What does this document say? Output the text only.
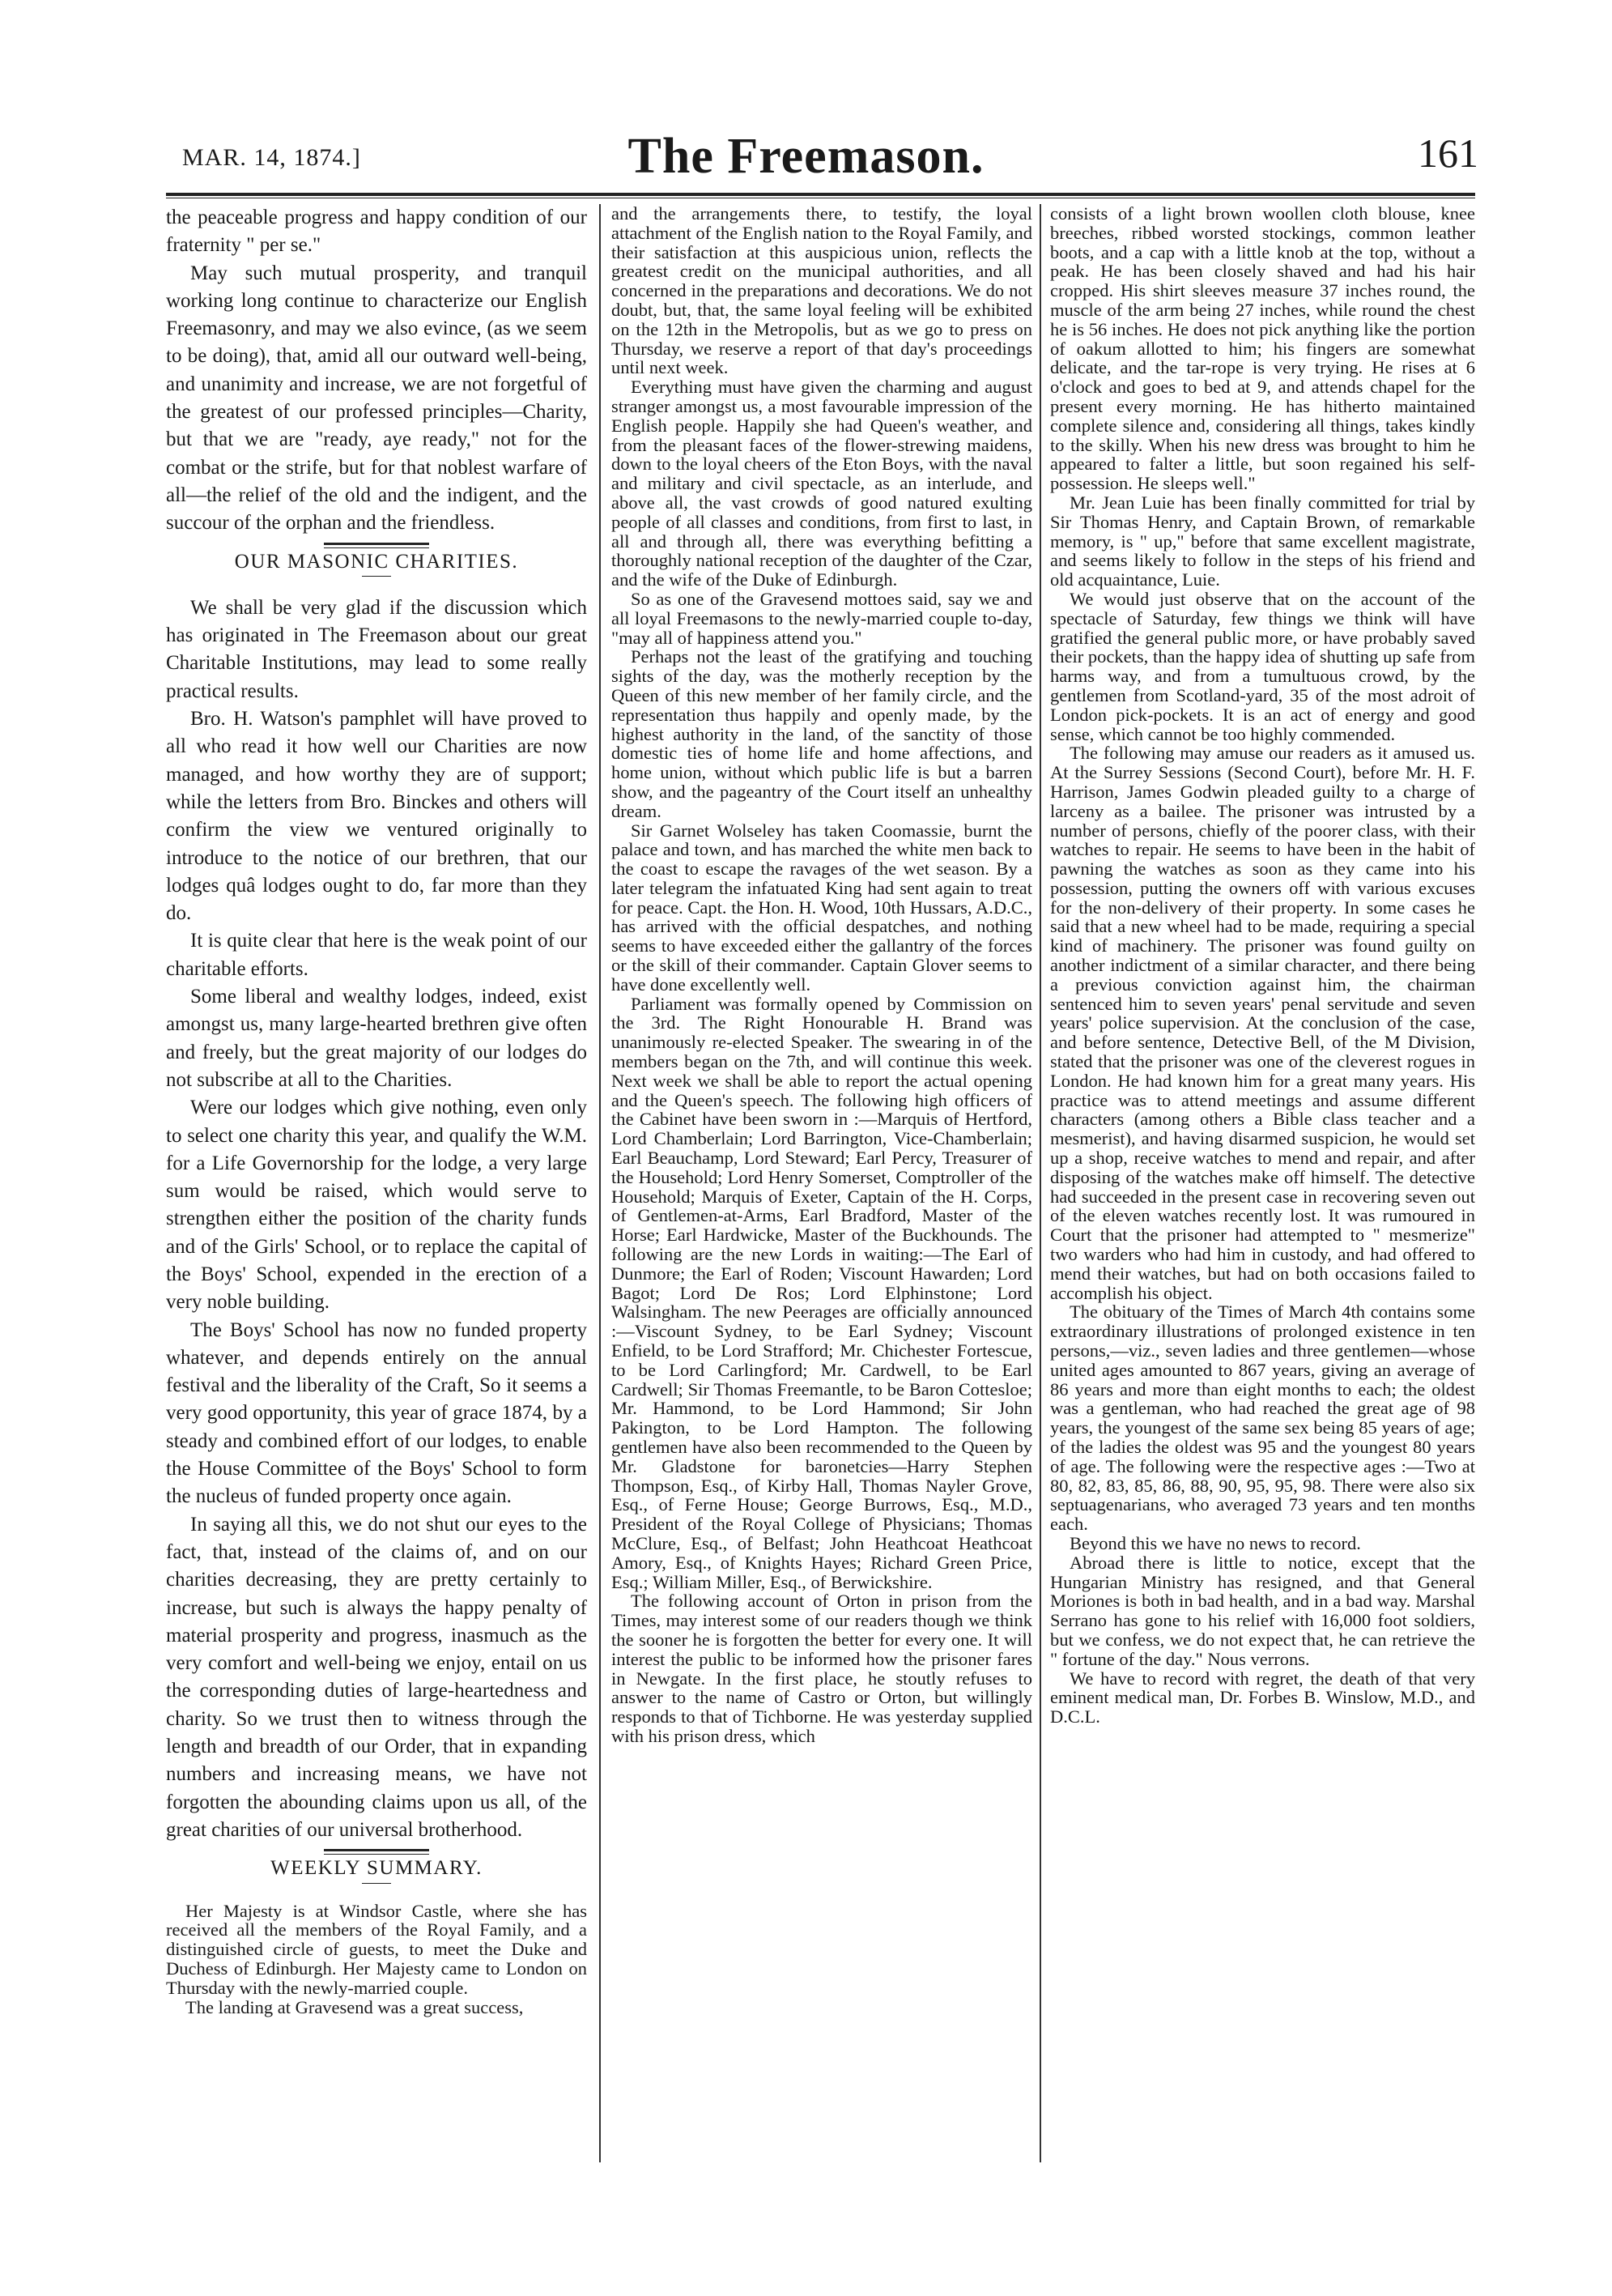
MAR. 14, 1874.]	The Freemason.	161

the peaceable progress and happy condition of our fraternity " per se."

May such mutual prosperity, and tranquil working long continue to characterize our English Freemasonry, and may we also evince, (as we seem to be doing), that, amid all our outward well-being, and unanimity and increase, we are not forgetful of the greatest of our professed principles—Charity, but that we are "ready, aye ready," not for the combat or the strife, but for that noblest warfare of all—the relief of the old and the indigent, and the succour of the orphan and the friendless.

OUR MASONIC CHARITIES.

We shall be very glad if the discussion which has originated in The Freemason about our great Charitable Institutions, may lead to some really practical results.

Bro. H. Watson's pamphlet will have proved to all who read it how well our Charities are now managed, and how worthy they are of support; while the letters from Bro. Binckes and others will confirm the view we ventured originally to introduce to the notice of our brethren, that our lodges quâ lodges ought to do, far more than they do.

It is quite clear that here is the weak point of our charitable efforts.

Some liberal and wealthy lodges, indeed, exist amongst us, many large-hearted brethren give often and freely, but the great majority of our lodges do not subscribe at all to the Charities.

Were our lodges which give nothing, even only to select one charity this year, and qualify the W.M. for a Life Governorship for the lodge, a very large sum would be raised, which would serve to strengthen either the position of the charity funds and of the Girls' School, or to replace the capital of the Boys' School, expended in the erection of a very noble building.

The Boys' School has now no funded property whatever, and depends entirely on the annual festival and the liberality of the Craft, So it seems a very good opportunity, this year of grace 1874, by a steady and combined effort of our lodges, to enable the House Committee of the Boys' School to form the nucleus of funded property once again.

In saying all this, we do not shut our eyes to the fact, that, instead of the claims of, and on our charities decreasing, they are pretty certainly to increase, but such is always the happy penalty of material prosperity and progress, inasmuch as the very comfort and well-being we enjoy, entail on us the corresponding duties of large-heartedness and charity. So we trust then to witness through the length and breadth of our Order, that in expanding numbers and increasing means, we have not forgotten the abounding claims upon us all, of the great charities of our universal brotherhood.

WEEKLY SUMMARY.

Her Majesty is at Windsor Castle, where she has received all the members of the Royal Family, and a distinguished circle of guests, to meet the Duke and Duchess of Edinburgh. Her Majesty came to London on Thursday with the newly-married couple.

The landing at Gravesend was a great success,

and the arrangements there, to testify, the loyal attachment of the English nation to the Royal Family, and their satisfaction at this auspicious union, reflects the greatest credit on the municipal authorities, and all concerned in the preparations and decorations. We do not doubt, but, that, the same loyal feeling will be exhibited on the 12th in the Metropolis, but as we go to press on Thursday, we reserve a report of that day's proceedings until next week.

Everything must have given the charming and august stranger amongst us, a most favourable impression of the English people. Happily she had Queen's weather, and from the pleasant faces of the flower-strewing maidens, down to the loyal cheers of the Eton Boys, with the naval and military and civil spectacle, as an interlude, and above all, the vast crowds of good natured exulting people of all classes and conditions, from first to last, in all and through all, there was everything befitting a thoroughly national reception of the daughter of the Czar, and the wife of the Duke of Edinburgh.

So as one of the Gravesend mottoes said, say we and all loyal Freemasons to the newly-married couple to-day, "may all of happiness attend you."

Perhaps not the least of the gratifying and touching sights of the day, was the motherly reception by the Queen of this new member of her family circle, and the representation thus happily and openly made, by the highest authority in the land, of the sanctity of those domestic ties of home life and home affections, and home union, without which public life is but a barren show, and the pageantry of the Court itself an unhealthy dream.

Sir Garnet Wolseley has taken Coomassie, burnt the palace and town, and has marched the white men back to the coast to escape the ravages of the wet season. By a later telegram the infatuated King had sent again to treat for peace. Capt. the Hon. H. Wood, 10th Hussars, A.D.C., has arrived with the official despatches, and nothing seems to have exceeded either the gallantry of the forces or the skill of their commander. Captain Glover seems to have done excellently well.

Parliament was formally opened by Commission on the 3rd. The Right Honourable H. Brand was unanimously re-elected Speaker. The swearing in of the members began on the 7th, and will continue this week. Next week we shall be able to report the actual opening and the Queen's speech. The following high officers of the Cabinet have been sworn in :—Marquis of Hertford, Lord Chamberlain; Lord Barrington, Vice-Chamberlain; Earl Beauchamp, Lord Steward; Earl Percy, Treasurer of the Household; Lord Henry Somerset, Comptroller of the Household; Marquis of Exeter, Captain of the H. Corps, of Gentlemen-at-Arms, Earl Bradford, Master of the Horse; Earl Hardwicke, Master of the Buckhounds. The following are the new Lords in waiting:—The Earl of Dunmore; the Earl of Roden; Viscount Hawarden; Lord Bagot; Lord De Ros; Lord Elphinstone; Lord Walsingham. The new Peerages are officially announced :—Viscount Sydney, to be Earl Sydney; Viscount Enfield, to be Lord Strafford; Mr. Chichester Fortescue, to be Lord Carlingford; Mr. Cardwell, to be Earl Cardwell; Sir Thomas Freemantle, to be Baron Cottesloe; Mr. Hammond, to be Lord Hammond; Sir John Pakington, to be Lord Hampton. The following gentlemen have also been recommended to the Queen by Mr. Gladstone for baronetcies—Harry Stephen Thompson, Esq., of Kirby Hall, Thomas Nayler Grove, Esq., of Ferne House; George Burrows, Esq., M.D., President of the Royal College of Physicians; Thomas McClure, Esq., of Belfast; John Heathcoat Heathcoat Amory, Esq., of Knights Hayes; Richard Green Price, Esq.; William Miller, Esq., of Berwickshire.

The following account of Orton in prison from the Times, may interest some of our readers though we think the sooner he is forgotten the better for every one. It will interest the public to be informed how the prisoner fares in Newgate. In the first place, he stoutly refuses to answer to the name of Castro or Orton, but willingly responds to that of Tichborne. He was yesterday supplied with his prison dress, which

consists of a light brown woollen cloth blouse, knee breeches, ribbed worsted stockings, common leather boots, and a cap with a little knob at the top, without a peak. He has been closely shaved and had his hair cropped. His shirt sleeves measure 37 inches round, the muscle of the arm being 27 inches, while round the chest he is 56 inches. He does not pick anything like the portion of oakum allotted to him; his fingers are somewhat delicate, and the tar-rope is very trying. He rises at 6 o'clock and goes to bed at 9, and attends chapel for the present every morning. He has hitherto maintained complete silence and, considering all things, takes kindly to the skilly. When his new dress was brought to him he appeared to falter a little, but soon regained his self-possession. He sleeps well."

Mr. Jean Luie has been finally committed for trial by Sir Thomas Henry, and Captain Brown, of remarkable memory, is " up," before that same excellent magistrate, and seems likely to follow in the steps of his friend and old acquaintance, Luie.

We would just observe that on the account of the spectacle of Saturday, few things we think will have gratified the general public more, or have probably saved their pockets, than the happy idea of shutting up safe from harms way, and from a tumultuous crowd, by the gentlemen from Scotland-yard, 35 of the most adroit of London pick-pockets. It is an act of energy and good sense, which cannot be too highly commended.

The following may amuse our readers as it amused us. At the Surrey Sessions (Second Court), before Mr. H. F. Harrison, James Godwin pleaded guilty to a charge of larceny as a bailee. The prisoner was intrusted by a number of persons, chiefly of the poorer class, with their watches to repair. He seems to have been in the habit of pawning the watches as soon as they came into his possession, putting the owners off with various excuses for the non-delivery of their property. In some cases he said that a new wheel had to be made, requiring a special kind of machinery. The prisoner was found guilty on another indictment of a similar character, and there being a previous conviction against him, the chairman sentenced him to seven years' penal servitude and seven years' police supervision. At the conclusion of the case, and before sentence, Detective Bell, of the M Division, stated that the prisoner was one of the cleverest rogues in London. He had known him for a great many years. His practice was to attend meetings and assume different characters (among others a Bible class teacher and a mesmerist), and having disarmed suspicion, he would set up a shop, receive watches to mend and repair, and after disposing of the watches make off himself. The detective had succeeded in the present case in recovering seven out of the eleven watches recently lost. It was rumoured in Court that the prisoner had attempted to " mesmerize" two warders who had him in custody, and had offered to mend their watches, but had on both occasions failed to accomplish his object.

The obituary of the Times of March 4th contains some extraordinary illustrations of prolonged existence in ten persons,—viz., seven ladies and three gentlemen—whose united ages amounted to 867 years, giving an average of 86 years and more than eight months to each; the oldest was a gentleman, who had reached the great age of 98 years, the youngest of the same sex being 85 years of age; of the ladies the oldest was 95 and the youngest 80 years of age. The following were the respective ages :—Two at 80, 82, 83, 85, 86, 88, 90, 95, 95, 98. There were also six septuagenarians, who averaged 73 years and ten months each.

Beyond this we have no news to record.

Abroad there is little to notice, except that the Hungarian Ministry has resigned, and that General Moriones is both in bad health, and in a bad way. Marshal Serrano has gone to his relief with 16,000 foot soldiers, but we confess, we do not expect that, he can retrieve the " fortune of the day." Nous verrons.

We have to record with regret, the death of that very eminent medical man, Dr. Forbes B. Winslow, M.D., and D.C.L.
